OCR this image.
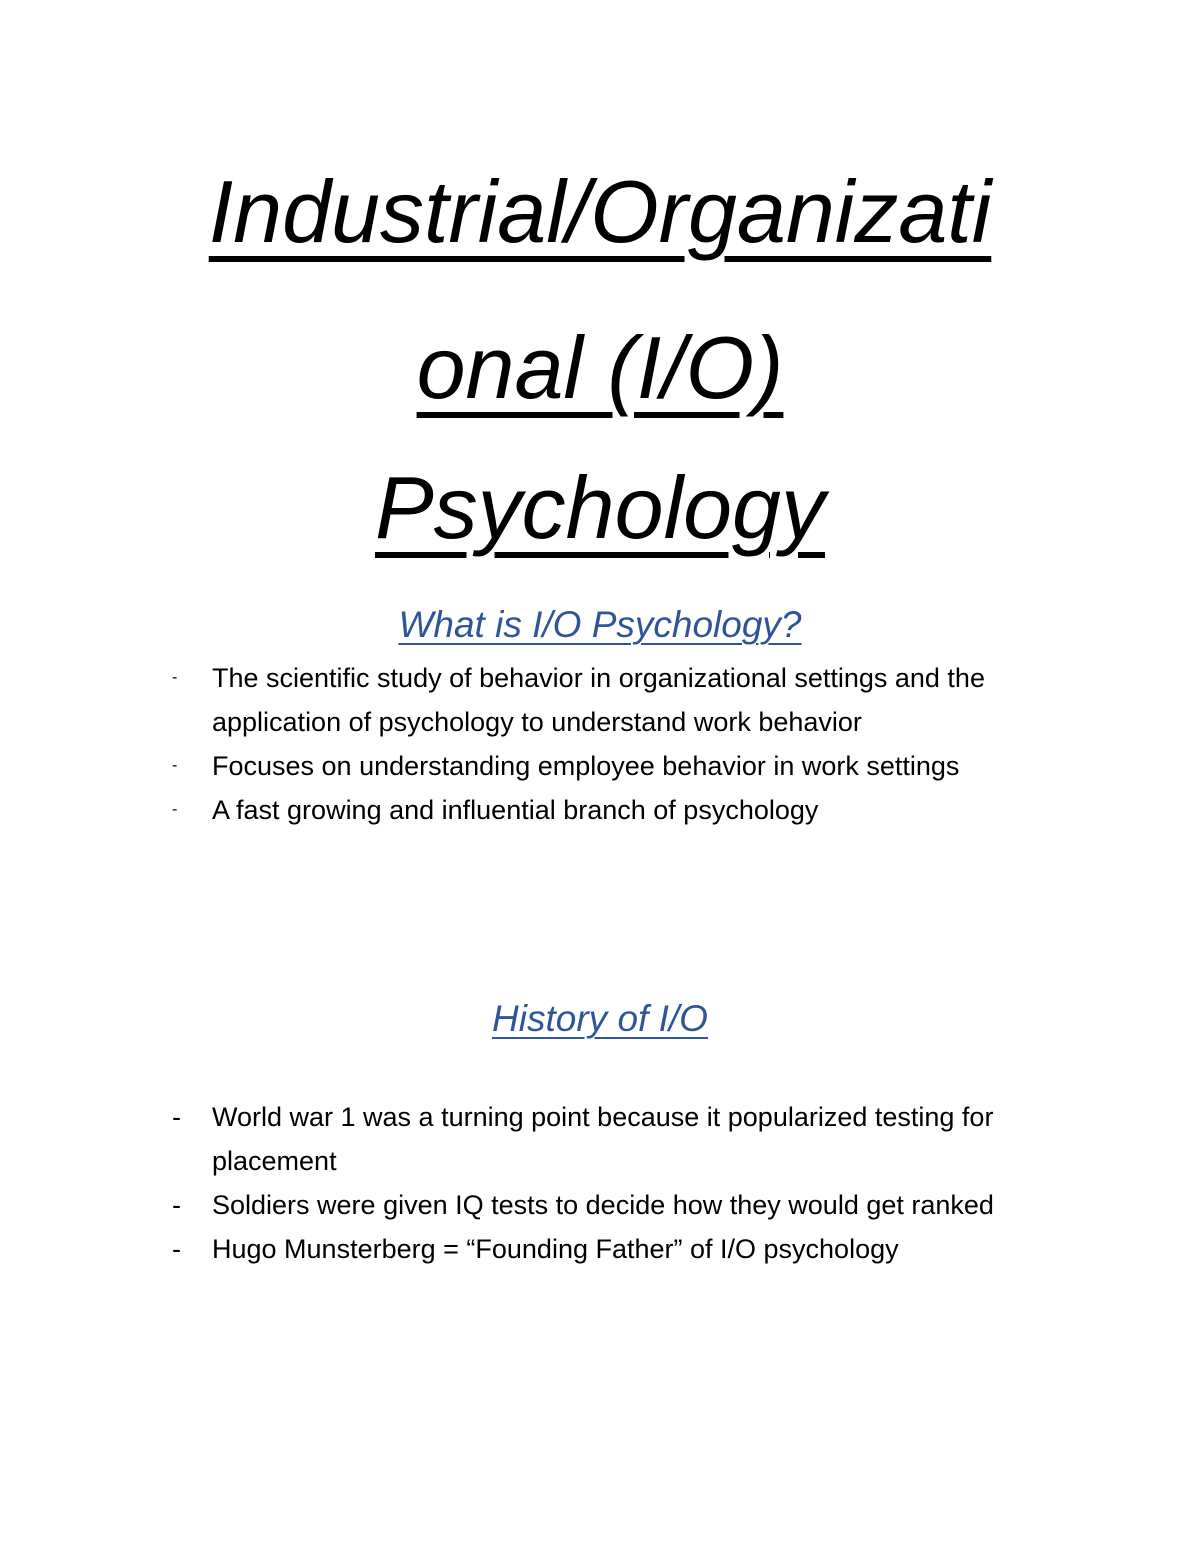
Industrial/Organizati
onal (I/O)
Psychology
What is I/O Psychology?
- The scientific study of behavior in organizational settings and the application of psychology to understand work behavior
- Focuses on understanding employee behavior in work settings
- A fast growing and influential branch of psychology
History of I/O
- World war 1 was a turning point because it popularized testing for placement
- Soldiers were given IQ tests to decide how they would get ranked
- Hugo Munsterberg = “Founding Father” of I/O psychology
